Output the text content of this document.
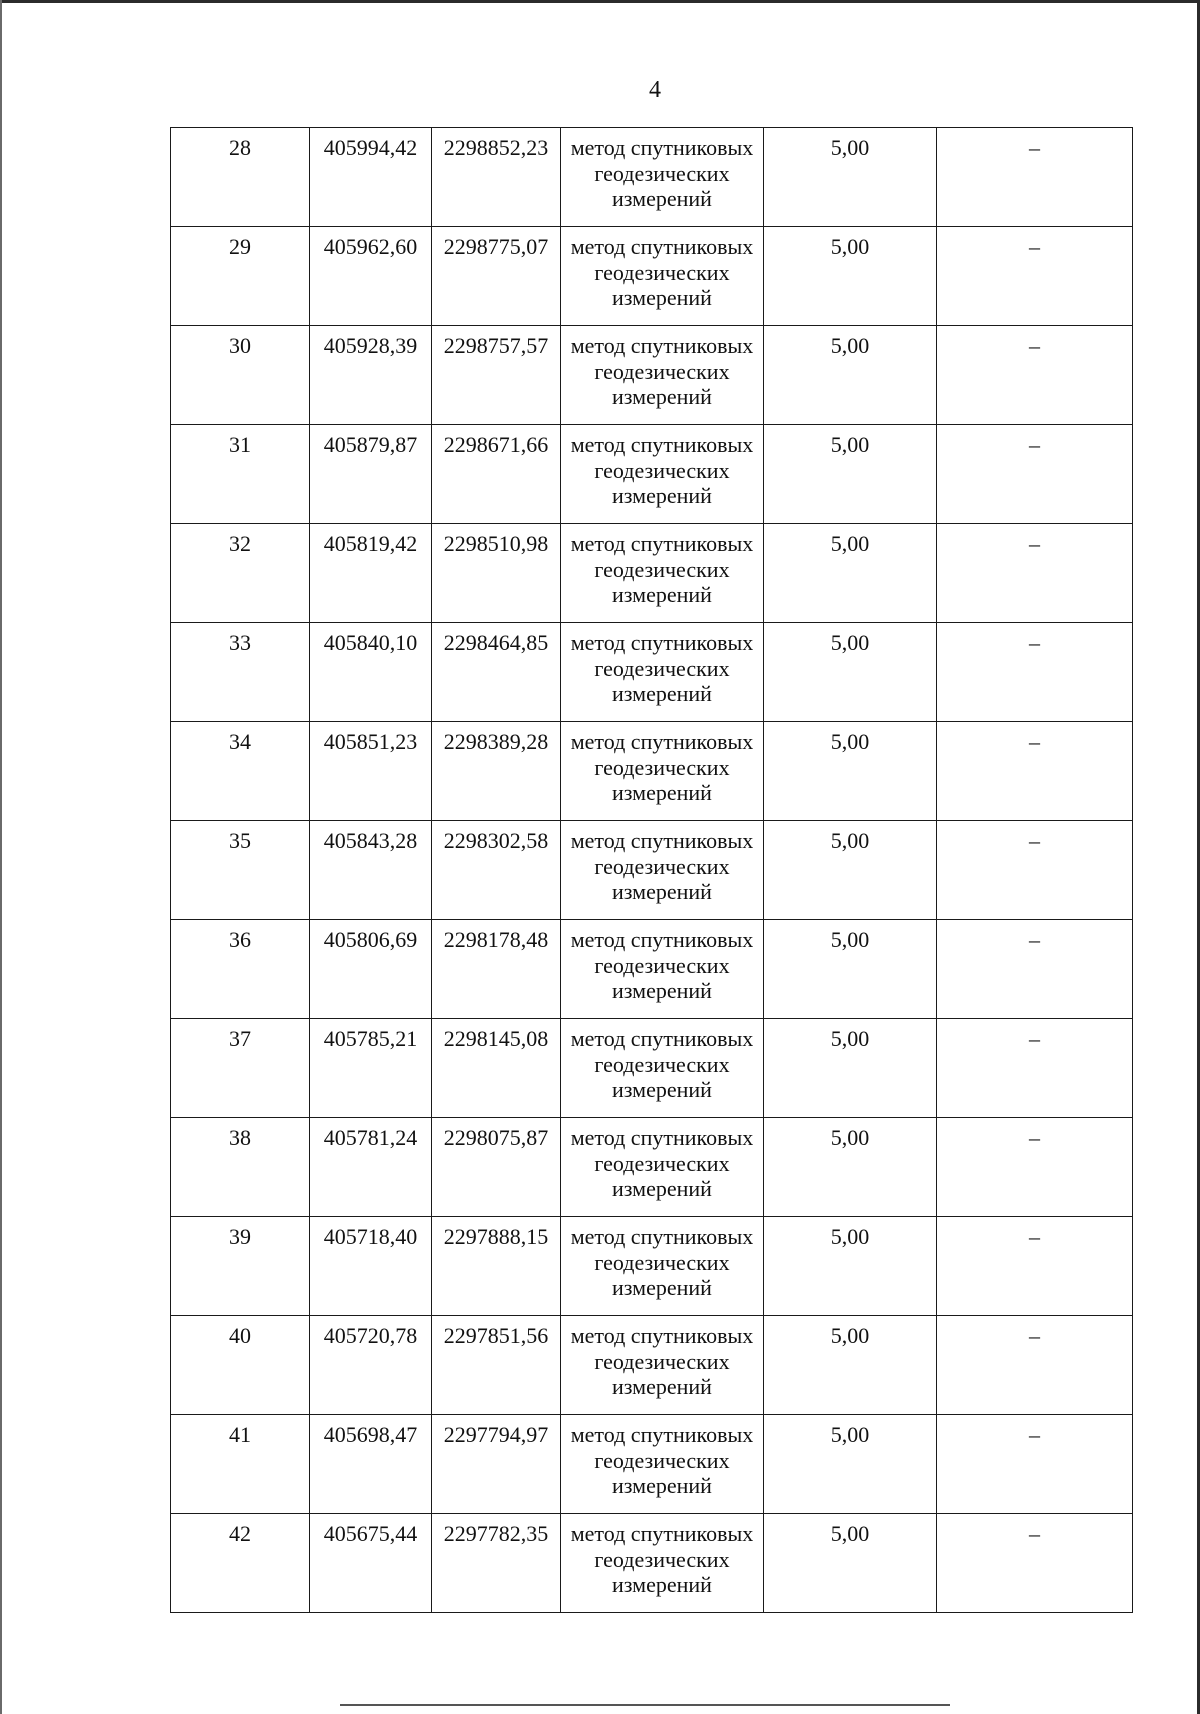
4
28	405994,42	2298852,23	метод спутниковых геодезических измерений	5,00	–
29	405962,60	2298775,07	метод спутниковых геодезических измерений	5,00	–
30	405928,39	2298757,57	метод спутниковых геодезических измерений	5,00	–
31	405879,87	2298671,66	метод спутниковых геодезических измерений	5,00	–
32	405819,42	2298510,98	метод спутниковых геодезических измерений	5,00	–
33	405840,10	2298464,85	метод спутниковых геодезических измерений	5,00	–
34	405851,23	2298389,28	метод спутниковых геодезических измерений	5,00	–
35	405843,28	2298302,58	метод спутниковых геодезических измерений	5,00	–
36	405806,69	2298178,48	метод спутниковых геодезических измерений	5,00	–
37	405785,21	2298145,08	метод спутниковых геодезических измерений	5,00	–
38	405781,24	2298075,87	метод спутниковых геодезических измерений	5,00	–
39	405718,40	2297888,15	метод спутниковых геодезических измерений	5,00	–
40	405720,78	2297851,56	метод спутниковых геодезических измерений	5,00	–
41	405698,47	2297794,97	метод спутниковых геодезических измерений	5,00	–
42	405675,44	2297782,35	метод спутниковых геодезических измерений	5,00	–
